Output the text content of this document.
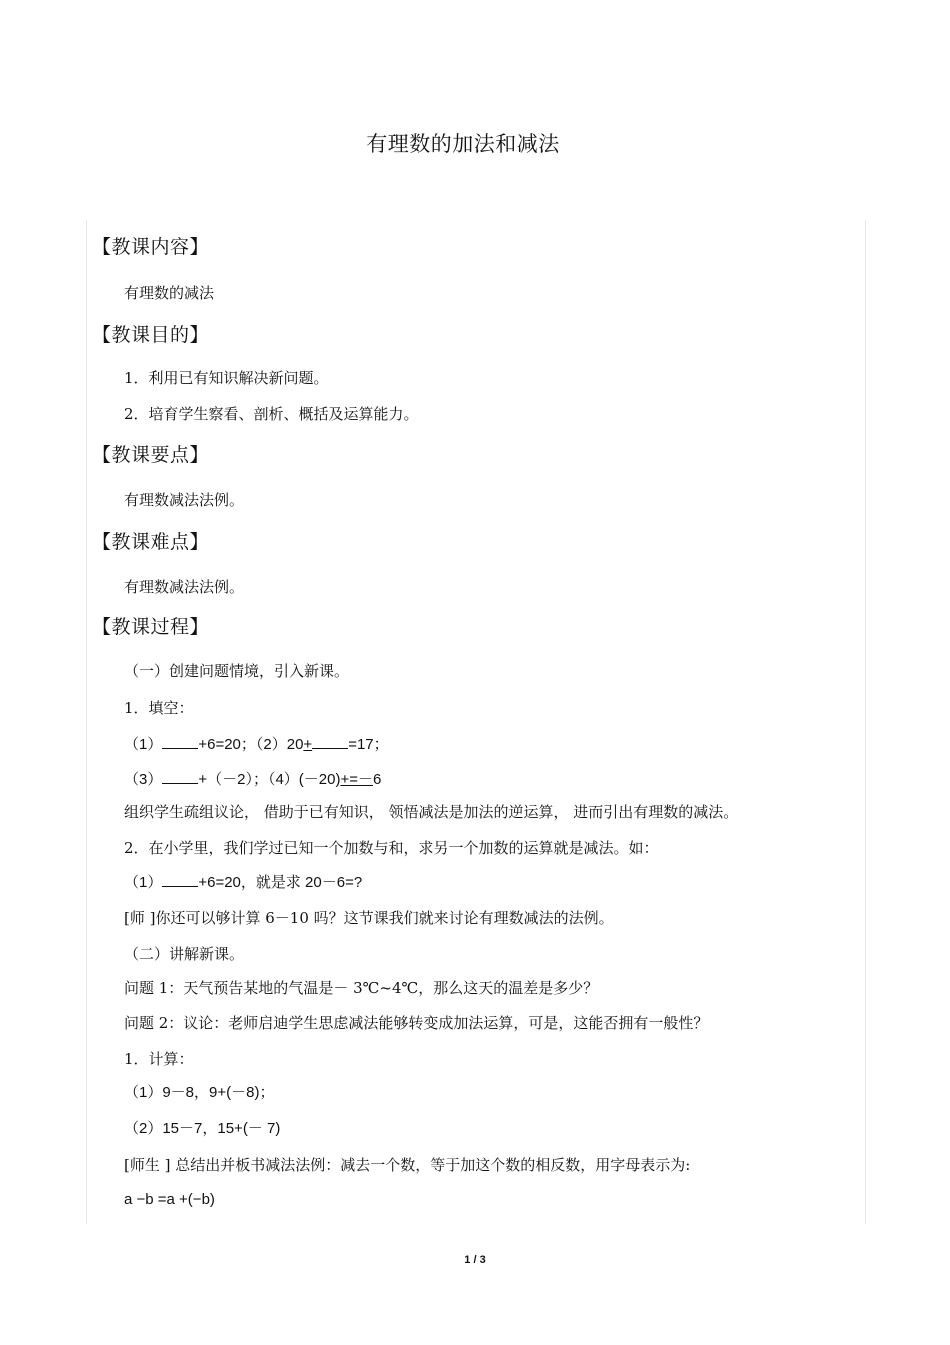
有理数的加法和减法
【教课内容】
有理数的减法
【教课目的】
1．利用已有知识解决新问题。
2．培育学生察看、剖析、概括及运算能力。
【教课要点】
有理数减法法例。
【教课难点】
有理数减法法例。
【教课过程】
（一）创建问题情境，引入新课。
1．填空：
（1） +6=20；（2）20+ =17；
（3） +（－2）；（4）(－20)+=－6
组织学生疏组议论， 借助于已有知识， 领悟减法是加法的逆运算， 进而引出有理数的减法。
2．在小学里，我们学过已知一个加数与和，求另一个加数的运算就是减法。如：
（1） +6=20，就是求 20－6=?
[师 ]你还可以够计算 6－10 吗？这节课我们就来讨论有理数减法的法例。
（二）讲解新课。
问题 1：天气预告某地的气温是－ 3℃~4℃，那么这天的温差是多少？
问题 2：议论：老师启迪学生思虑减法能够转变成加法运算，可是，这能否拥有一般性？
1．计算：
（1）9－8，9+(－8)；
（2）15－7，15+(－ 7)
[师生 ] 总结出并板书减法法例：减去一个数，等于加这个数的相反数，用字母表示为:
a −b =a +(−b)
1 / 3
